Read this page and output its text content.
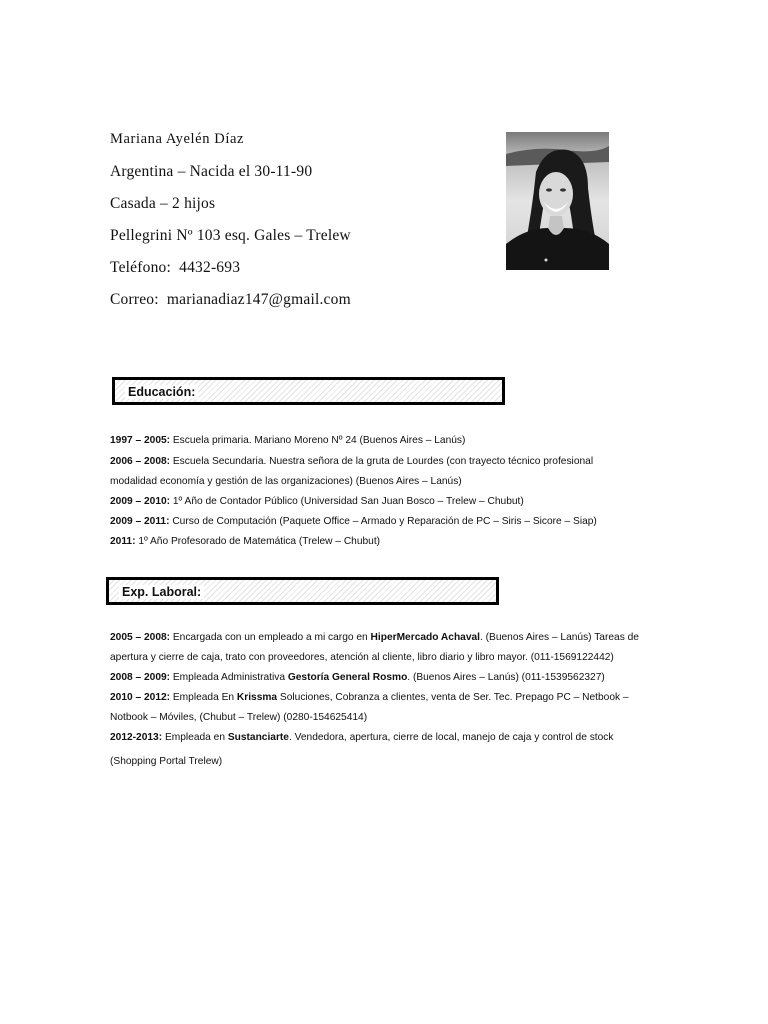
Mariana Ayelén Díaz
Argentina – Nacida el 30-11-90
Casada – 2 hijos
Pellegrini Nº 103 esq. Gales – Trelew
Teléfono: 4432-693
Correo: marianadiaz147@gmail.com
Educación:
1997 – 2005: Escuela primaria. Mariano Moreno Nº 24 (Buenos Aires – Lanús)
2006 – 2008: Escuela Secundaria. Nuestra señora de la gruta de Lourdes (con trayecto técnico profesional
modalidad economía y gestión de las organizaciones) (Buenos Aires – Lanús)
2009 – 2010: 1º Año de Contador Público (Universidad San Juan Bosco – Trelew – Chubut)
2009 – 2011: Curso de Computación (Paquete Office – Armado y Reparación de PC – Siris – Sicore – Siap)
2011: 1º Año Profesorado de Matemática (Trelew – Chubut)
Exp. Laboral:
2005 – 2008: Encargada con un empleado a mi cargo en HiperMercado Achaval. (Buenos Aires – Lanús) Tareas de
apertura y cierre de caja, trato con proveedores, atención al cliente, libro diario y libro mayor. (011-1569122442)
2008 – 2009: Empleada Administrativa Gestoría General Rosmo. (Buenos Aires – Lanús) (011-1539562327)
2010 – 2012: Empleada En Krissma Soluciones, Cobranza a clientes, venta de Ser. Tec. Prepago PC – Netbook –
Notbook – Móviles, (Chubut – Trelew) (0280-154625414)
2012-2013: Empleada en Sustanciarte. Vendedora, apertura, cierre de local, manejo de caja y control de stock
(Shopping Portal Trelew)
